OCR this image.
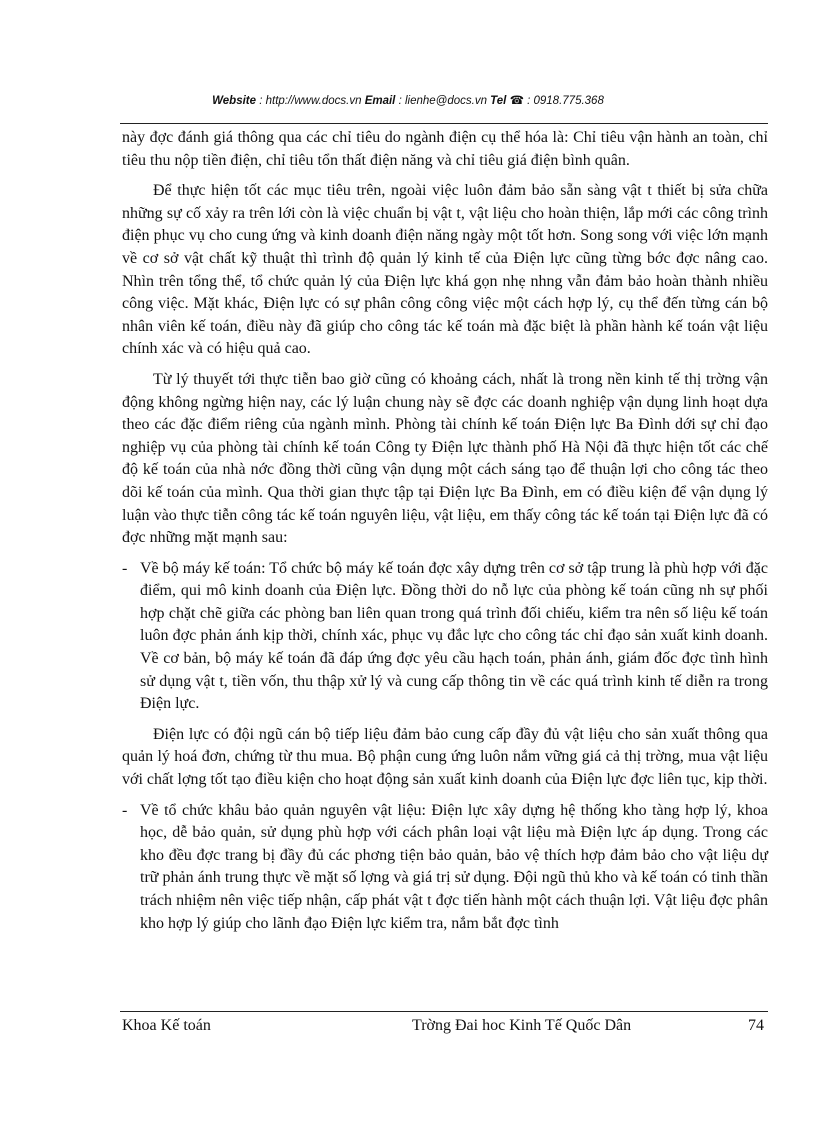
Website : http://www.docs.vn Email : lienhe@docs.vn Tel ☎ : 0918.775.368

này đợc đánh giá thông qua các chỉ tiêu do ngành điện cụ thể hóa là: Chỉ tiêu vận hành an toàn, chỉ tiêu thu nộp tiền điện, chỉ tiêu tổn thất điện năng và chỉ tiêu giá điện bình quân.

Để thực hiện tốt các mục tiêu trên, ngoài việc luôn đảm bảo sẵn sàng vật t thiết bị sửa chữa những sự cố xảy ra trên lới còn là việc chuẩn bị vật t, vật liệu cho hoàn thiện, lắp mới các công trình điện phục vụ cho cung ứng và kinh doanh điện năng ngày một tốt hơn. Song song với việc lớn mạnh về cơ sở vật chất kỹ thuật thì trình độ quản lý kinh tế của Điện lực cũng từng bớc đợc nâng cao. Nhìn trên tổng thể, tổ chức quản lý của Điện lực khá gọn nhẹ nhng vẫn đảm bảo hoàn thành nhiều công việc. Mặt khác, Điện lực có sự phân công công việc một cách hợp lý, cụ thể đến từng cán bộ nhân viên kế toán, điều này đã giúp cho công tác kế toán mà đặc biệt là phần hành kế toán vật liệu chính xác và có hiệu quả cao.

Từ lý thuyết tới thực tiễn bao giờ cũng có khoảng cách, nhất là trong nền kinh tế thị trờng vận động không ngừng hiện nay, các lý luận chung này sẽ đợc các doanh nghiệp vận dụng linh hoạt dựa theo các đặc điểm riêng của ngành mình. Phòng tài chính kế toán Điện lực Ba Đình dới sự chỉ đạo nghiệp vụ của phòng tài chính kế toán Công ty Điện lực thành phố Hà Nội đã thực hiện tốt các chế độ kế toán của nhà nớc đồng thời cũng vận dụng một cách sáng tạo để thuận lợi cho công tác theo dõi kế toán của mình. Qua thời gian thực tập tại Điện lực Ba Đình, em có điều kiện để vận dụng lý luận vào thực tiễn công tác kế toán nguyên liệu, vật liệu, em thấy công tác kế toán tại Điện lực đã có đợc những mặt mạnh sau:

- Về bộ máy kế toán: Tổ chức bộ máy kế toán đợc xây dựng trên cơ sở tập trung là phù hợp với đặc điểm, qui mô kinh doanh của Điện lực. Đồng thời do nỗ lực của phòng kế toán cũng nh sự phối hợp chặt chẽ giữa các phòng ban liên quan trong quá trình đối chiếu, kiểm tra nên số liệu kế toán luôn đợc phản ánh kịp thời, chính xác, phục vụ đắc lực cho công tác chỉ đạo sản xuất kinh doanh. Về cơ bản, bộ máy kế toán đã đáp ứng đợc yêu cầu hạch toán, phản ánh, giám đốc đợc tình hình sử dụng vật t, tiền vốn, thu thập xử lý và cung cấp thông tin về các quá trình kinh tế diễn ra trong Điện lực.

Điện lực có đội ngũ cán bộ tiếp liệu đảm bảo cung cấp đầy đủ vật liệu cho sản xuất thông qua quản lý hoá đơn, chứng từ thu mua. Bộ phận cung ứng luôn nắm vững giá cả thị trờng, mua vật liệu với chất lợng tốt tạo điều kiện cho hoạt động sản xuất kinh doanh của Điện lực đợc liên tục, kịp thời.

- Về tổ chức khâu bảo quản nguyên vật liệu: Điện lực xây dựng hệ thống kho tàng hợp lý, khoa học, dễ bảo quản, sử dụng phù hợp với cách phân loại vật liệu mà Điện lực áp dụng. Trong các kho đều đợc trang bị đầy đủ các phơng tiện bảo quản, bảo vệ thích hợp đảm bảo cho vật liệu dự trữ phản ánh trung thực về mặt số lợng và giá trị sử dụng. Đội ngũ thủ kho và kế toán có tinh thần trách nhiệm nên việc tiếp nhận, cấp phát vật t đợc tiến hành một cách thuận lợi. Vật liệu đợc phân kho hợp lý giúp cho lãnh đạo Điện lực kiểm tra, nắm bắt đợc tình

Khoa Kế toán	Trờng Đai hoc Kinh Tế Quốc Dân	74
